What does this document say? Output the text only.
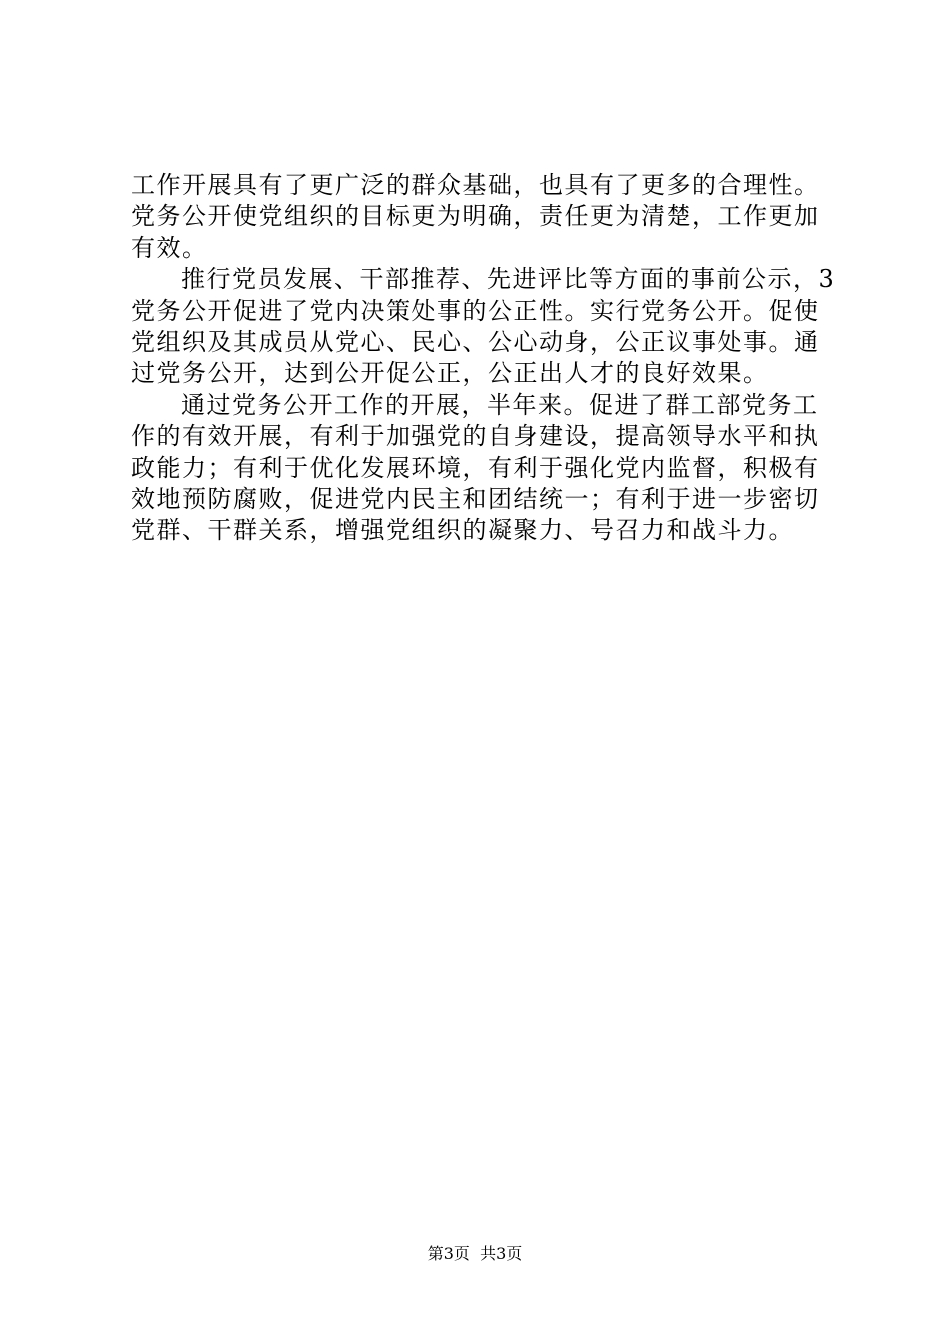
工作开展具有了更广泛的群众基础，也具有了更多的合理性。
党务公开使党组织的目标更为明确，责任更为清楚，工作更加
有效。
推行党员发展、干部推荐、先进评比等方面的事前公示，3
党务公开促进了党内决策处事的公正性。实行党务公开。促使
党组织及其成员从党心、民心、公心动身，公正议事处事。通
过党务公开，达到公开促公正，公正出人才的良好效果。
通过党务公开工作的开展，半年来。促进了群工部党务工
作的有效开展，有利于加强党的自身建设，提高领导水平和执
政能力；有利于优化发展环境，有利于强化党内监督，积极有
效地预防腐败，促进党内民主和团结统一；有利于进一步密切
党群、干群关系，增强党组织的凝聚力、号召力和战斗力。
第3页  共3页
